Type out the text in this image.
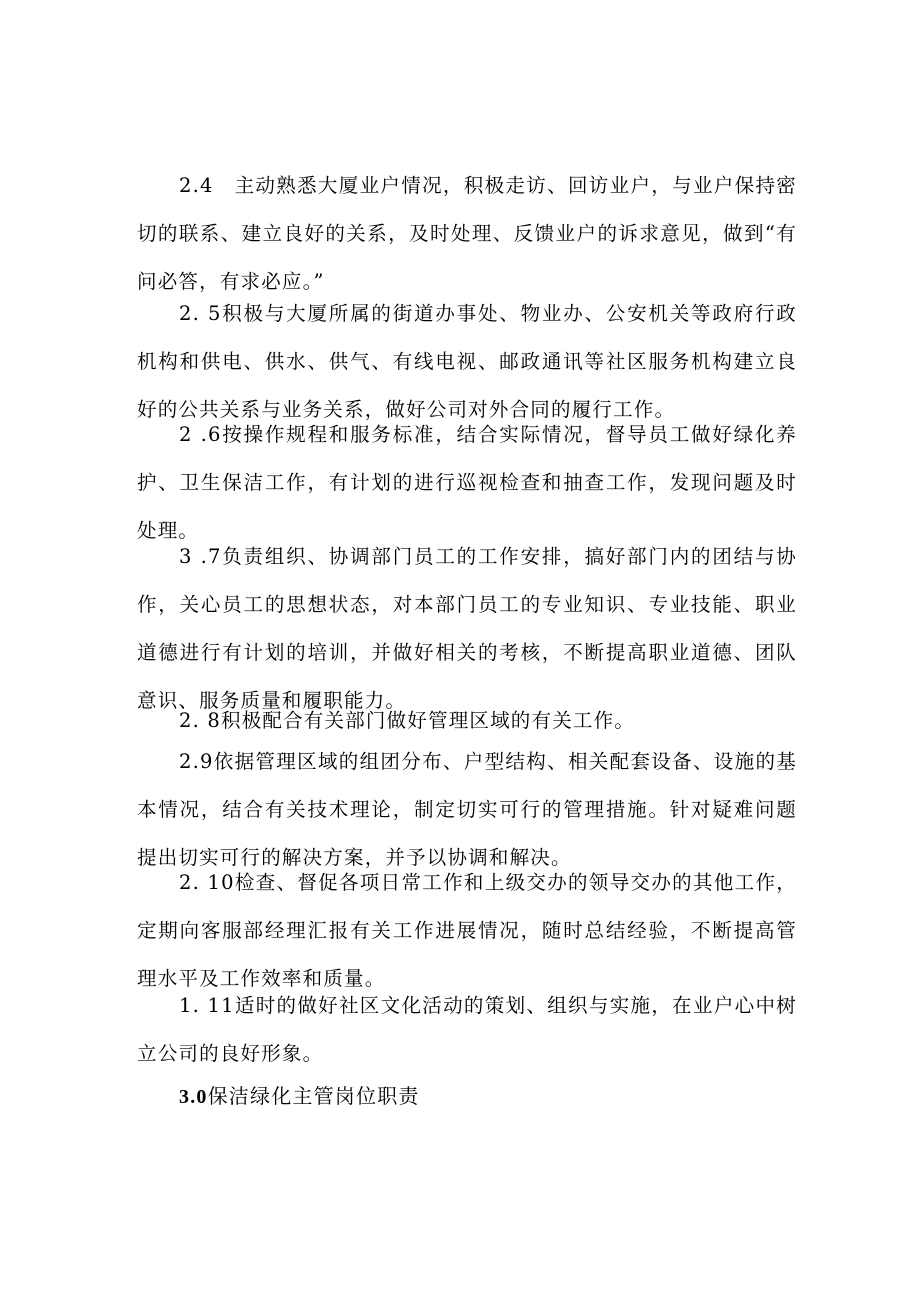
2.4　主动熟悉大厦业户情况，积极走访、回访业户，与业户保持密切的联系、建立良好的关系，及时处理、反馈业户的诉求意见，做到“有问必答，有求必应。”

2. 5积极与大厦所属的街道办事处、物业办、公安机关等政府行政机构和供电、供水、供气、有线电视、邮政通讯等社区服务机构建立良好的公共关系与业务关系，做好公司对外合同的履行工作。

2 .6按操作规程和服务标准，结合实际情况，督导员工做好绿化养护、卫生保洁工作，有计划的进行巡视检查和抽查工作，发现问题及时处理。

3 .7负责组织、协调部门员工的工作安排，搞好部门内的团结与协作，关心员工的思想状态，对本部门员工的专业知识、专业技能、职业道德进行有计划的培训，并做好相关的考核，不断提高职业道德、团队意识、服务质量和履职能力。

2. 8积极配合有关部门做好管理区域的有关工作。

2.9依据管理区域的组团分布、户型结构、相关配套设备、设施的基本情况，结合有关技术理论，制定切实可行的管理措施。针对疑难问题提出切实可行的解决方案，并予以协调和解决。

2. 10检查、督促各项日常工作和上级交办的领导交办的其他工作，定期向客服部经理汇报有关工作进展情况，随时总结经验，不断提高管理水平及工作效率和质量。

1. 11适时的做好社区文化活动的策划、组织与实施，在业户心中树立公司的良好形象。

3.0保洁绿化主管岗位职责
